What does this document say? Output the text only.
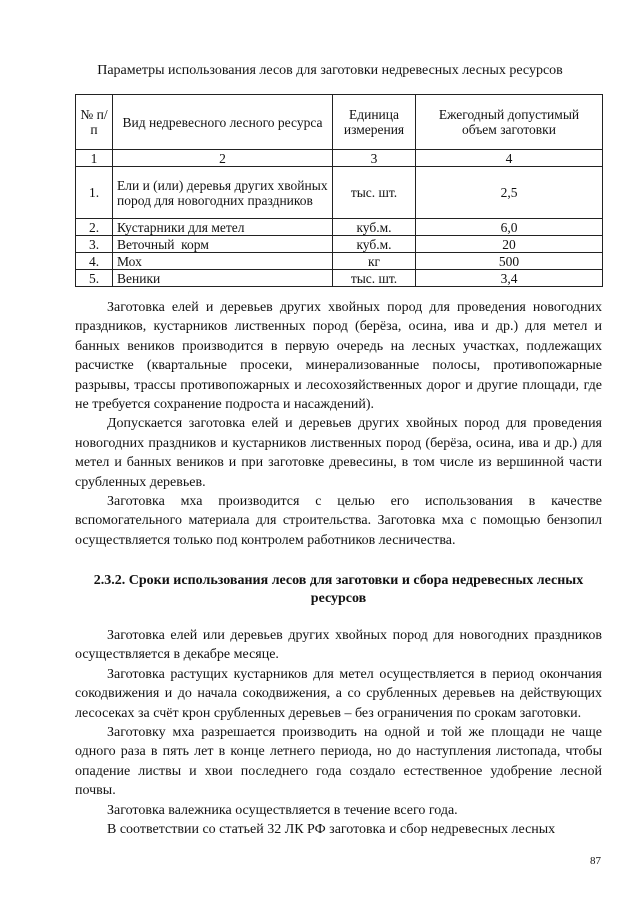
Параметры использования лесов для заготовки недревесных лесных ресурсов
№ п/п	Вид недревесного лесного ресурса	Единица измерения	Ежегодный допустимый объем заготовки
1	2	3	4
1.	Ели и (или) деревья других хвойных пород для новогодних праздников	тыс. шт.	2,5
2.	Кустарники для метел	куб.м.	6,0
3.	Веточный  корм	куб.м.	20
4.	Мох	кг	500
5.	Веники	тыс. шт.	3,4

Заготовка елей и деревьев других хвойных пород для проведения новогодних праздников, кустарников лиственных пород (берёза, осина, ива и др.) для метел и банных веников производится в первую очередь на лесных участках, подлежащих расчистке (квартальные просеки, минерализованные полосы, противопожарные разрывы, трассы противопожарных и лесохозяйственных дорог и другие площади, где не требуется сохранение подроста и насаждений).

Допускается заготовка елей и деревьев других хвойных пород для проведения новогодних праздников и кустарников лиственных пород (берёза, осина, ива и др.) для метел и банных веников и при заготовке древесины, в том числе из вершинной части срубленных деревьев.

Заготовка мха производится с целью его использования в качестве вспомогательного материала для строительства. Заготовка мха с помощью бензопил осуществляется только под контролем работников лесничества.

2.3.2. Сроки использования лесов для заготовки и сбора недревесных лесных ресурсов

Заготовка елей или деревьев других хвойных пород для новогодних праздников осуществляется в декабре месяце.

Заготовка растущих кустарников для метел осуществляется в период окончания сокодвижения и до начала сокодвижения, а со срубленных деревьев на действующих лесосеках за счёт крон срубленных деревьев – без ограничения по срокам заготовки.

Заготовку мха разрешается производить на одной и той же площади не чаще одного раза в пять лет в конце летнего периода, но до наступления листопада, чтобы опадение листвы и хвои последнего года создало естественное удобрение лесной почвы.

Заготовка валежника осуществляется в течение всего года.

В соответствии со статьей 32 ЛК РФ заготовка и сбор недревесных лесных

87
